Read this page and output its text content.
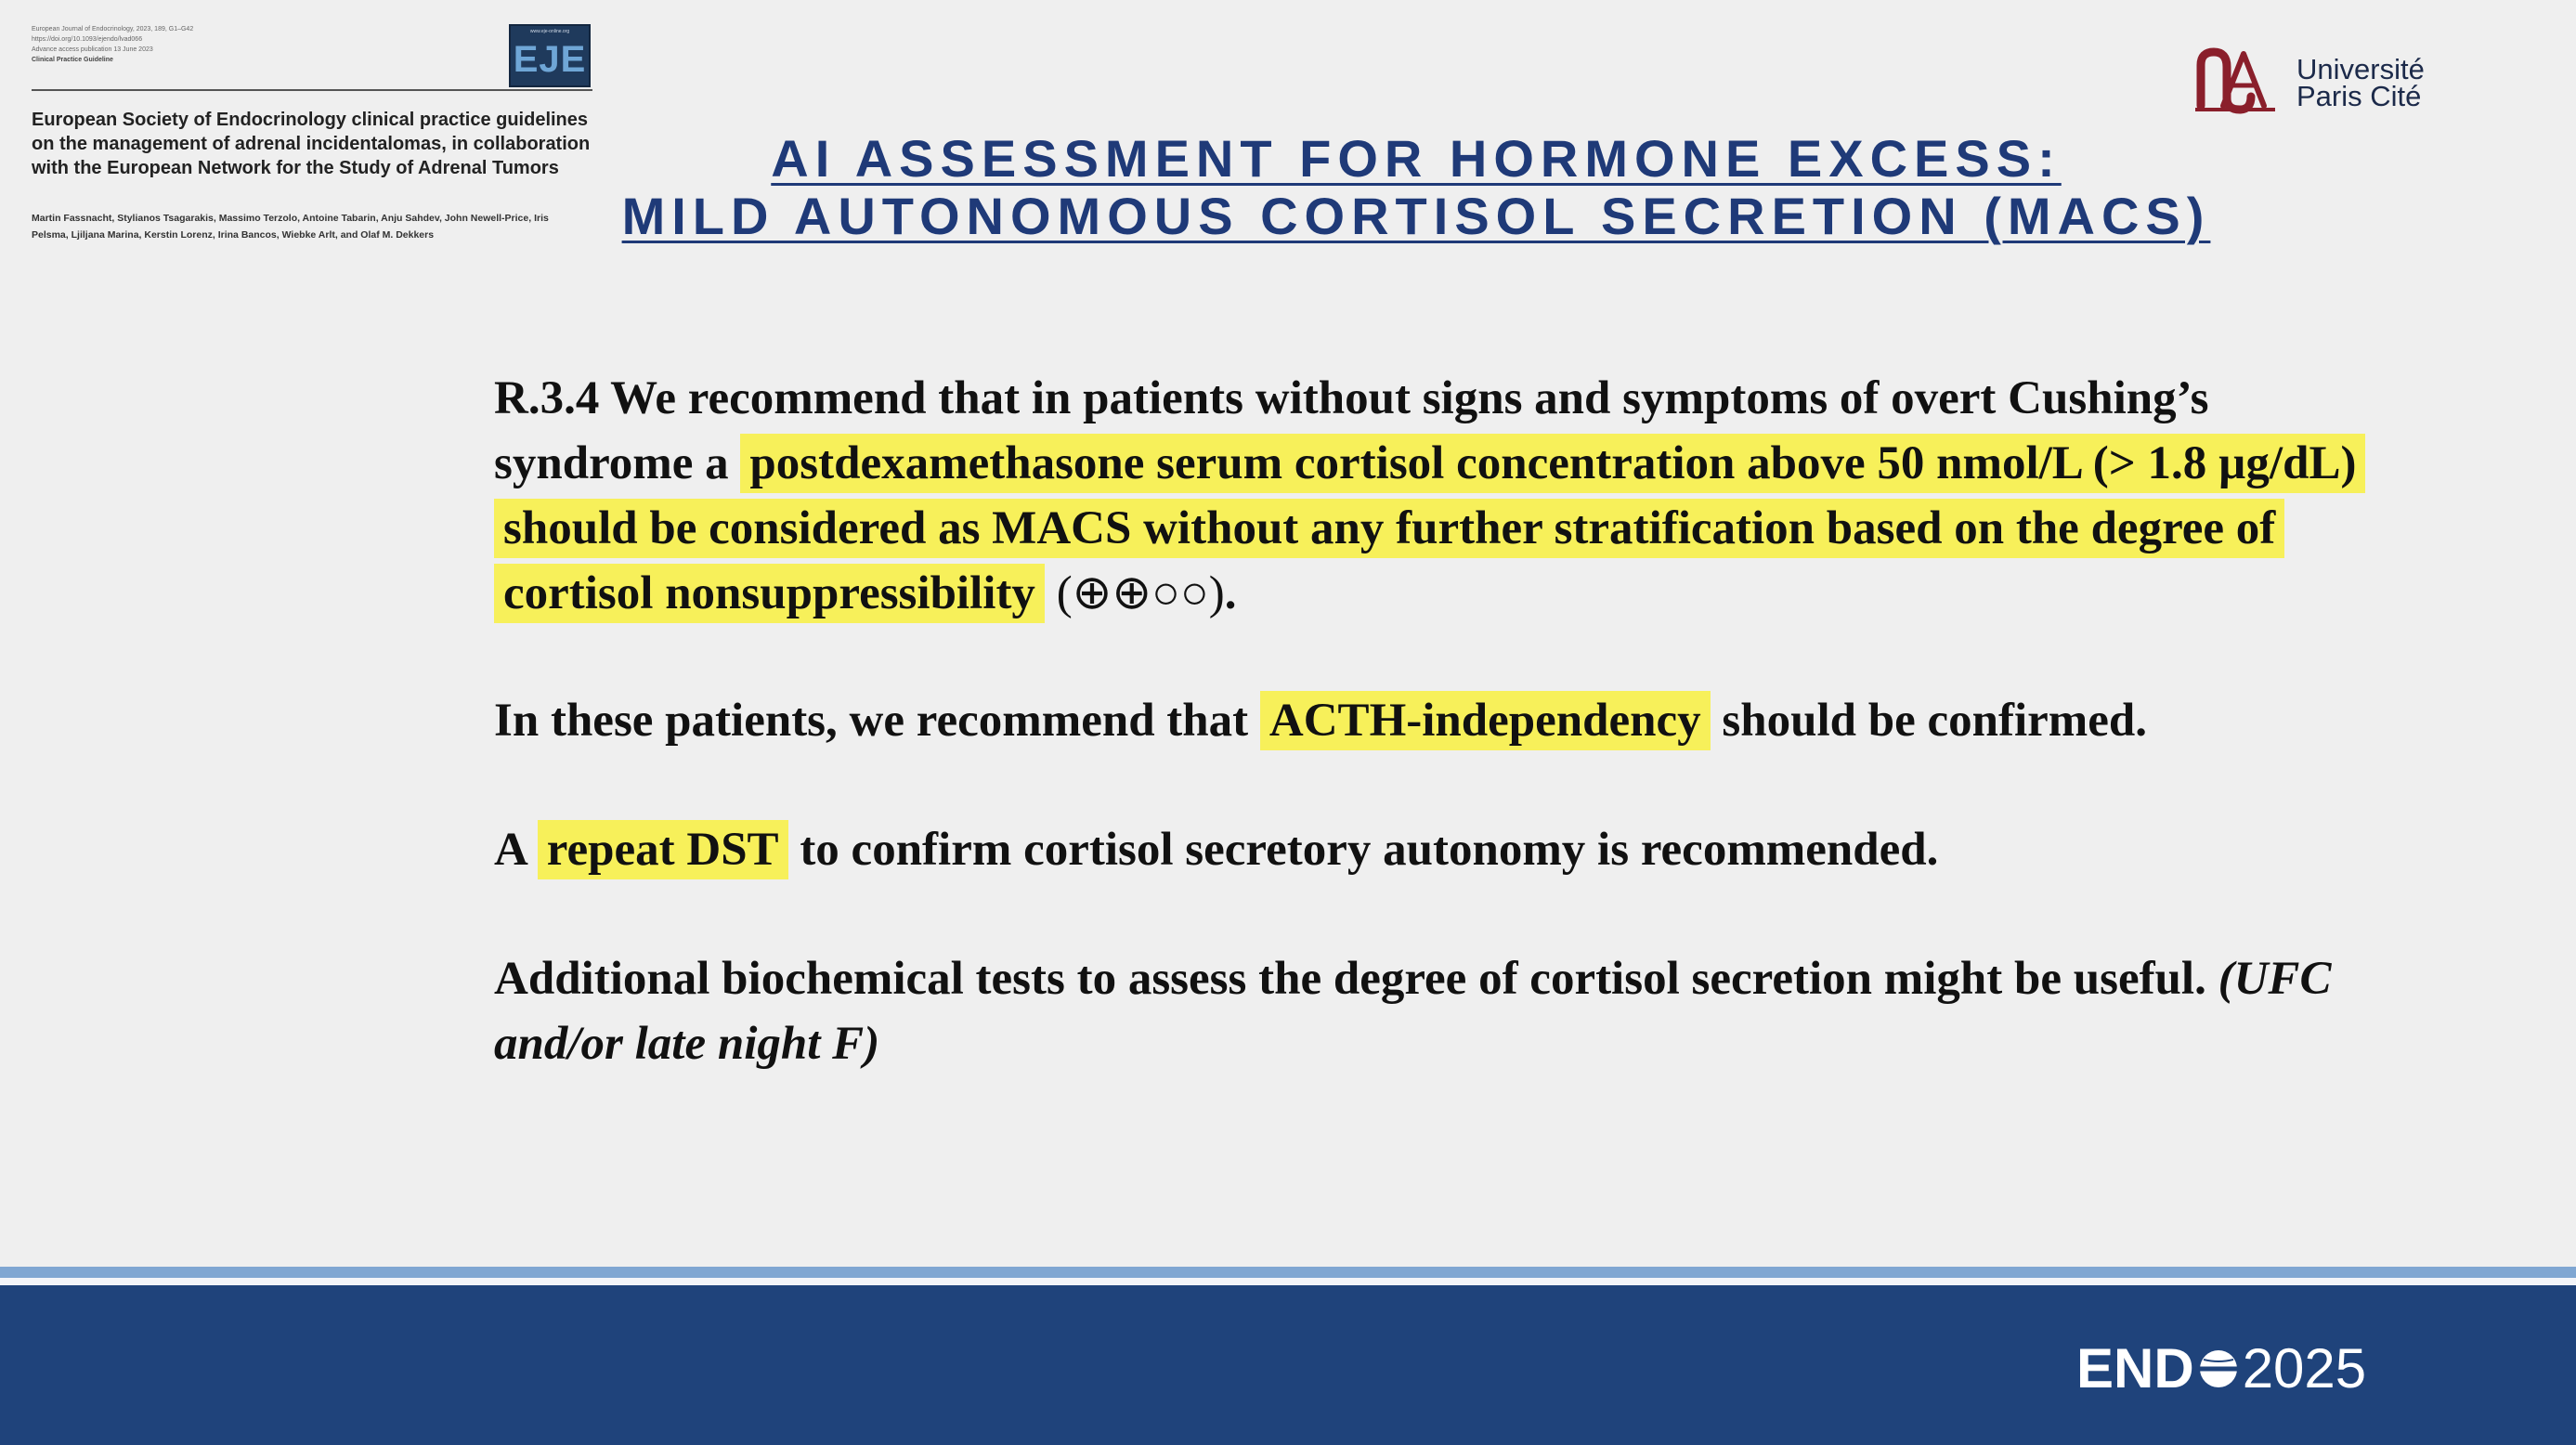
European Journal of Endocrinology, 2023, 189, G1–G42
https://doi.org/10.1093/ejendo/lvad066
Advance access publication 13 June 2023
Clinical Practice Guideline
www.eje-online.org
EJE
European Society of Endocrinology clinical practice guidelines on the management of adrenal incidentalomas, in collaboration with the European Network for the Study of Adrenal Tumors
Martin Fassnacht, Stylianos Tsagarakis, Massimo Terzolo, Antoine Tabarin, Anju Sahdev, John Newell-Price, Iris Pelsma, Ljiljana Marina, Kerstin Lorenz, Irina Bancos, Wiebke Arlt, and Olaf M. Dekkers
Université
Paris Cité
AI ASSESSMENT FOR HORMONE EXCESS:
MILD AUTONOMOUS CORTISOL SECRETION (MACS)
R.3.4 We recommend that in patients without signs and symptoms of overt Cushing’s syndrome a postdexamethasone serum cortisol concentration above 50 nmol/L (> 1.8 µg/dL) should be considered as MACS without any further stratification based on the degree of cortisol nonsuppressibility (⊕⊕○○).
In these patients, we recommend that ACTH-independency should be confirmed.
A repeat DST to confirm cortisol secretory autonomy is recommended.
Additional biochemical tests to assess the degree of cortisol secretion might be useful. (UFC and/or late night F)
END 2025
